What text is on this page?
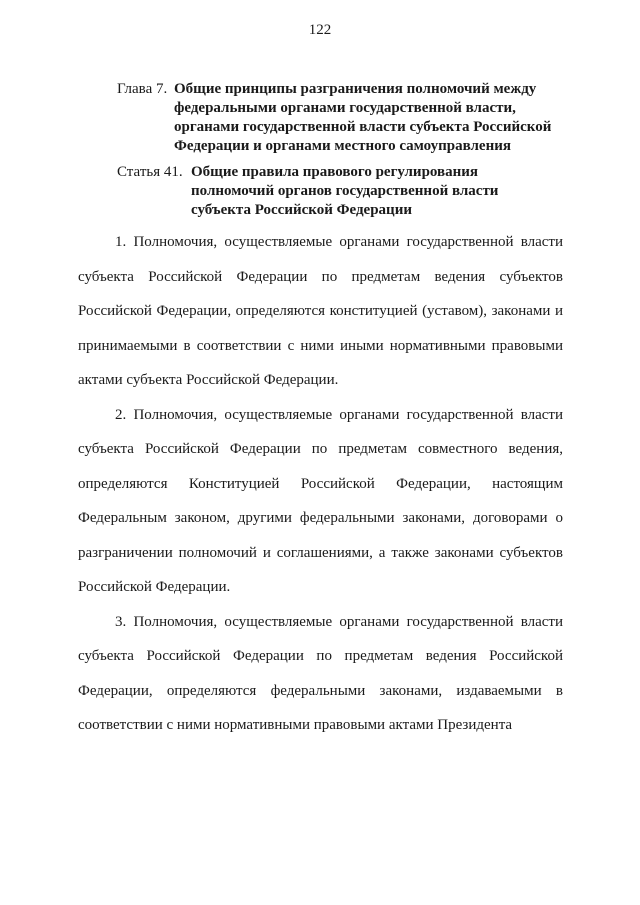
122
Глава 7. Общие принципы разграничения полномочий между
федеральными органами государственной власти,
органами государственной власти субъекта Российской
Федерации и органами местного самоуправления
Статья 41. Общие правила правового регулирования
полномочий органов государственной власти
субъекта Российской Федерации

1. Полномочия, осуществляемые органами государственной власти субъекта Российской Федерации по предметам ведения субъектов Российской Федерации, определяются конституцией (уставом), законами и принимаемыми в соответствии с ними иными нормативными правовыми актами субъекта Российской Федерации.

2. Полномочия, осуществляемые органами государственной власти субъекта Российской Федерации по предметам совместного ведения, определяются Конституцией Российской Федерации, настоящим Федеральным законом, другими федеральными законами, договорами о разграничении полномочий и соглашениями, а также законами субъектов Российской Федерации.

3. Полномочия, осуществляемые органами государственной власти субъекта Российской Федерации по предметам ведения Российской Федерации, определяются федеральными законами, издаваемыми в соответствии с ними нормативными правовыми актами Президента
